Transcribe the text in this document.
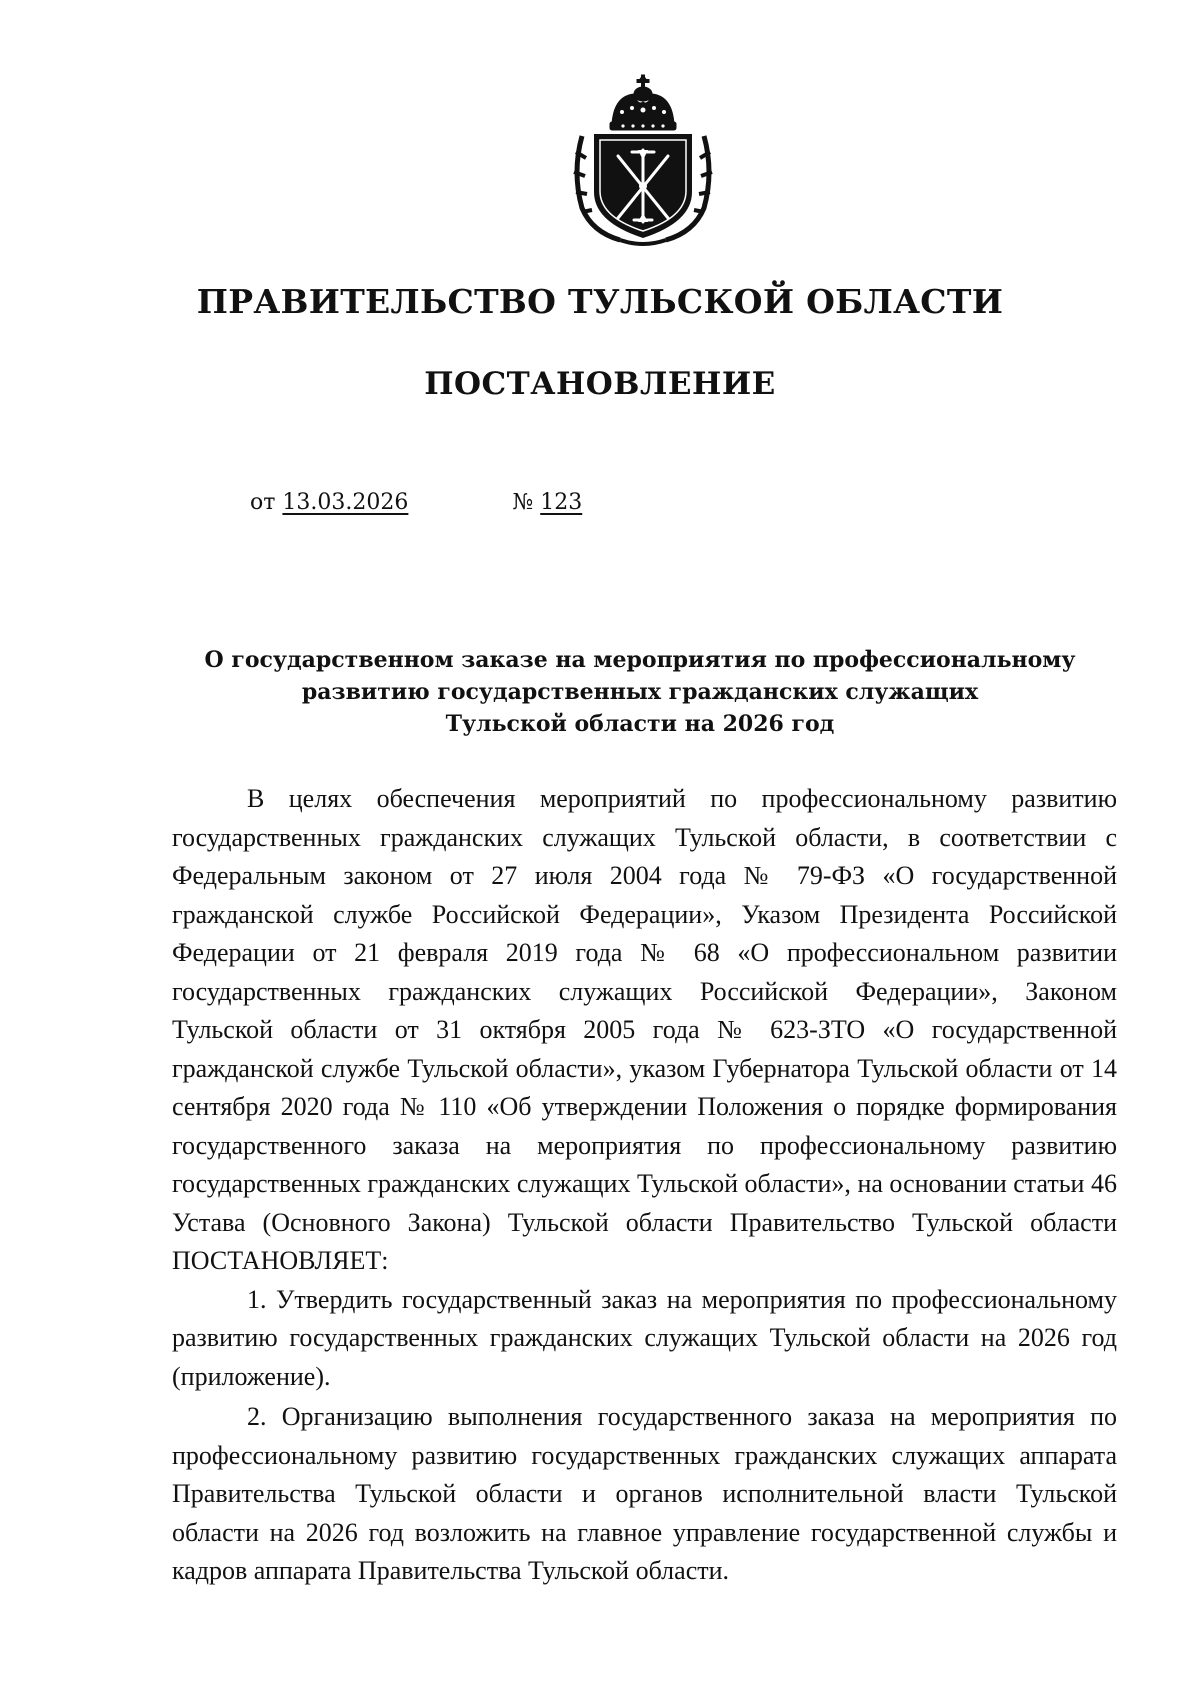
ПРАВИТЕЛЬСТВО ТУЛЬСКОЙ ОБЛАСТИ
ПОСТАНОВЛЕНИЕ
от 13.03.2026	№ 123
О государственном заказе на мероприятия по профессиональному
развитию государственных гражданских служащих
Тульской области на 2026 год

В целях обеспечения мероприятий по профессиональному развитию государственных гражданских служащих Тульской области, в соответствии с Федеральным законом от 27 июля 2004 года № 79-ФЗ «О государственной гражданской службе Российской Федерации», Указом Президента Российской Федерации от 21 февраля 2019 года № 68 «О профессиональном развитии государственных гражданских служащих Российской Федерации», Законом Тульской области от 31 октября 2005 года № 623-ЗТО «О государственной гражданской службе Тульской области», указом Губернатора Тульской области от 14 сентября 2020 года № 110 «Об утверждении Положения о порядке формирования государственного заказа на мероприятия по профессиональному развитию государственных гражданских служащих Тульской области», на основании статьи 46 Устава (Основного Закона) Тульской области Правительство Тульской области ПОСТАНОВЛЯЕТ:

1. Утвердить государственный заказ на мероприятия по профессиональному развитию государственных гражданских служащих Тульской области на 2026 год (приложение).

2. Организацию выполнения государственного заказа на мероприятия по профессиональному развитию государственных гражданских служащих аппарата Правительства Тульской области и органов исполнительной власти Тульской области на 2026 год возложить на главное управление государственной службы и кадров аппарата Правительства Тульской области.
